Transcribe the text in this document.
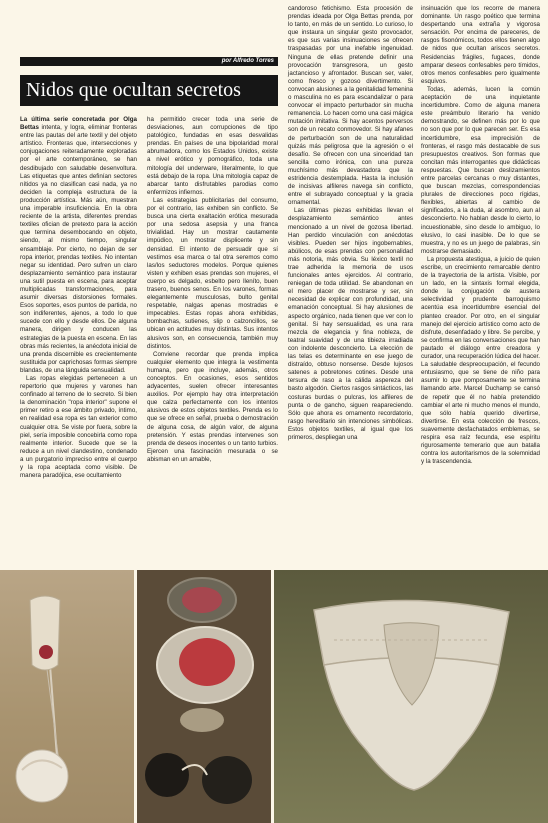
por Alfredo Torres
Nidos que ocultan secretos

La última serie concretada por Olga Bettas intenta, y logra, eliminar fronteras entre las pautas del arte textil y del objeto artístico. Fronteras que, intersecciones y conjugaciones reiteradamente exploradas por el arte contemporáneo, se han desdibujado con saludable desenvoltura. Las etiquetas que antes definían sectores nítidos ya no clasifican casi nada, ya no deciden la compleja estructura de la producción artística. Más aún, muestran una imperable insuficiencia. En la obra reciente de la artista, diferentes prendas textiles ofician de pretexto para la acción que termina desembocando en objeto, siendo, al mismo tiempo, singular ensamblaje. Por cierto, no dejan de ser ropa interior, prendas textiles. No intentan negar su identidad. Pero sufren un claro desplazamiento semántico para instaurar una sutil puesta en escena, para aceptar multiplicadas transformaciones, para asumir diversas distorsiones formales. Esos soportes, esos puntos de partida, no son indiferentes, ajenos, a todo lo que sucede con ello y desde ellos. De alguna manera, dirigen y conducen las estrategias de la puesta en escena. En las obras más recientes, la anécdota inicial de una prenda discernible es crecientemente sustituida por caprichosas formas siempre blandas, de una lánguida sensualidad.

Las ropas elegidas pertenecen a un repertorio que mujeres y varones han confinado al terreno de lo secreto. Si bien la denominación "ropa interior" supone el primer retiro a ese ámbito privado, íntimo, en realidad esa ropa es tan exterior como cualquier otra. Se viste por fuera, sobre la piel, sería imposible concebirla como ropa realmente interior. Sucede que se la reduce a un nivel clandestino, condenado a un purgatorio impreciso entre el cuerpo y la ropa aceptada como visible. De manera paradójica, ese ocultamiento

ha permitido crecer toda una serie de desviaciones, aun corrupciones de tipo patológico, fundadas en esas desvalidas prendas. En países de una bipolaridad moral abrumadora, como los Estados Unidos, existe a nivel erótico y pornográfico, toda una mitología del underware, literalmente, lo que está debajo de la ropa. Una mitología capaz de abarcar tanto disfrutables parodias como enfermizos infiernos.

Las estrategias publicitarias del consumo, por el contrario, las exhiben sin conflicto. Se busca una cierta exaltación erótica mesurada por una sedosa asepsia y una franca trivialidad. Hay un mostrar cautamente impúdico, un mostrar displicente y sin densidad. El intento de persuadir que sí vestimos esa marca o tal otra seremos como las/los seductores modelos. Porque quienes visten y exhiben esas prendas son mujeres, el cuerpo es delgado, esbelto pero lleníto, buen trasero, buenos senos. En los varones, formas elegantemente musculosas, bulto genital respetable, nalgas apenas mostradas e impecables. Estas ropas ahora exhibidas, bombachas, sutienes, slip o calzoncillos, se ubican en actitudes muy distintas. Sus intentos alusivos son, en consecuencia, también muy distintos.

Conviene recordar que prenda implica cualquier elemento que integra la vestimenta humana, pero que incluye, además, otros conceptos. En ocasiones, esos sentidos adyacentes, suelen ofrecer interesantes auxilios. Por ejemplo hay otra interpretación que calza perfectamente con los intentos alusivos de estos objetos textiles. Prenda es lo que se ofrece en señal, prueba o demostración de alguna cosa, de algún valor, de alguna pretensión. Y estas prendas intervenes son prenda de deseos inocentes o un tanto turbios. Ejercen una fascinación mesurada o se abisman en un amable,

candoroso fetichismo. Esta procesión de prendas ideada por Olga Bettas prenda, por lo tanto, en más de un sentido. Lo curioso, lo que instaura un singular gesto provocador, es que sus varias insinuaciones se ofrecen traspasadas por una inefable ingenuidad. Ninguna de ellas pretende definir una provocación transgresora, un gesto jactancioso y afrontador. Buscan ser, valer, como fresco y gozoso divertimento. Si convocan alusiones a la genitalidad femenina o masculina no es para escandalizar o para convocar el impacto perturbador sin mucha remanencia. Lo hacen como una casi mágica mutación imitativa. Si hay acentos perversos son de un recato conmovedor. Si hay afanes de perturbación son de una naturalidad quizás más peligrosa que la agresión o el desafío. Se ofrecen con una sinceridad tan sencilla como irónica, con una pureza muchísimo más devastadora que la estridencia destemplada. Hasta la inclusión de incisivas alfileres navega sin conflicto, entre el subrayado conceptual y la gracia ornamental.

Las últimas piezas exhibidas llevan el desplazamiento semántico antes mencionado a un nivel de gozosa libertad. Han perdido vinculación con anécdotas visibles. Pueden ser hijos ingobernables, abúlicos, de esas prendas con personalidad más notoria, más obvia. Su léxico textil no trae adherida la memoria de usos funcionales antes ejercidos. Al contrario, reniegan de toda utilidad. Se abandonan en el mero placer de mostrarse y ser, sin necesidad de explicar con profundidad, una emanación conceptual. Si hay alusiones de aspecto orgánico, nada tienen que ver con lo genital. Si hay sensualidad, es una rara mezcla de elegancia y fina nobleza, de teatral suavidad y de una tibieza irradiada con indolente desconcierto. La elección de las telas es determinante en ese juego de distraído, obtuso nonsense. Desde lujosos satenes a pobretones cotines. Desde una tersura de raso a la cálida aspereza del basto algodón. Ciertos rasgos sintácticos, las costuras burdas o pulcras, los alfileres de punta o de gancho, siguen reapareciendo. Sólo que ahora es ornamento recordatorio, rasgo hereditario sin intenciones simbólicas. Estos objetos textiles, al igual que los primeros, despliegan una

insinuación que los recorre de manera dominante. Un rasgo poético que termina despertando una extraña y vigorosa sensación. Por encima de pareceres, de rasgos fisonómicos, todos ellos tienen algo de nidos que ocultan ariscos secretos. Residencias frágiles, fugaces, donde amparar deseos confesables pero tímidos, otros menos confesables pero igualmente esquivos.

Todas, además, lucen la común aceptación de una inquietante incertidumbre. Como de alguna manera este preámbulo literario ha venido demostrando, se definen más por lo que no son que por lo que parecen ser. Es esa incertidumbre, esa imprecisión de fronteras, el rasgo más destacable de sus presupuestos creativos. Son formas que concitan más interrogantes que didácticas respuestas. Que buscan deslizamientos entre parcelas cercanas o muy distantes, que buscan mezclas, correspondencias plurales de direcciones poco rígidas, flexibles, abiertas al cambio de significados, a la duda, al asombro, aun al desconcierto. No hablan desde lo cierto, lo incuestionable, sino desde lo ambiguo, lo elusivo, lo casi inasible. De lo que se muestra, y no es un juego de palabras, sin mostrarse demasiado.

La propuesta atestigua, a juicio de quien escribe, un crecimiento remarcable dentro de la trayectoria de la artista. Visible, por un lado, en la sintaxis formal elegida, donde la conjugación de austera selectividad y prudente barroquismo acentúa esa incertidumbre esencial del planteo creador. Por otro, en el singular manejo del ejercicio artístico como acto de disfrute, desenfadado y libre. Se percibe, y se confirma en las conversaciones que han pautado el diálogo entre creadora y curador, una recuperación lúdica del hacer. La saludable despreocupación, el fecundo entusiasmo, que se tiene de niño para asumir lo que pomposamente se termina llamando arte. Marcel Duchamp se cansó de repetir que él no había pretendido cambiar el arte ni mucho menos el mundo, que sólo había querido divertirse, divertirse. En esta colección de frescos, suavemente desfachatados emblemas, se respira esa raíz fecunda, ese espíritu rigurosamente temerario que aun batalla contra los autoritarismos de la solemnidad y la trascendencia.
